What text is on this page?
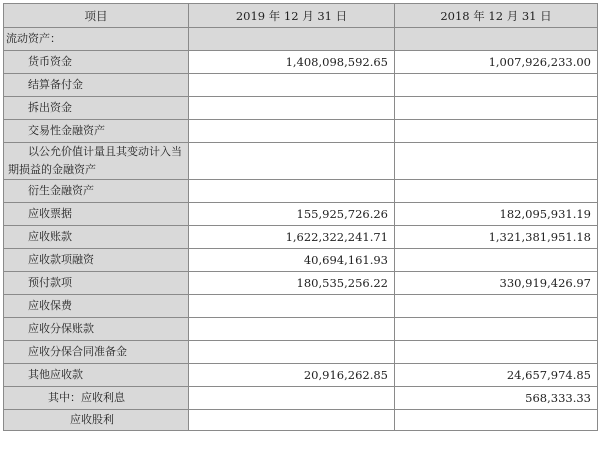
项目	2019 年 12 月 31 日	2018 年 12 月 31 日
流动资产：		
货币资金	1,408,098,592.65	1,007,926,233.00
结算备付金		
拆出资金		
交易性金融资产		
以公允价值计量且其变动计入当期损益的金融资产		
衍生金融资产		
应收票据	155,925,726.26	182,095,931.19
应收账款	1,622,322,241.71	1,321,381,951.18
应收款项融资	40,694,161.93	
预付款项	180,535,256.22	330,919,426.97
应收保费		
应收分保账款		
应收分保合同准备金		
其他应收款	20,916,262.85	24,657,974.85
其中：应收利息		568,333.33
应收股利		
